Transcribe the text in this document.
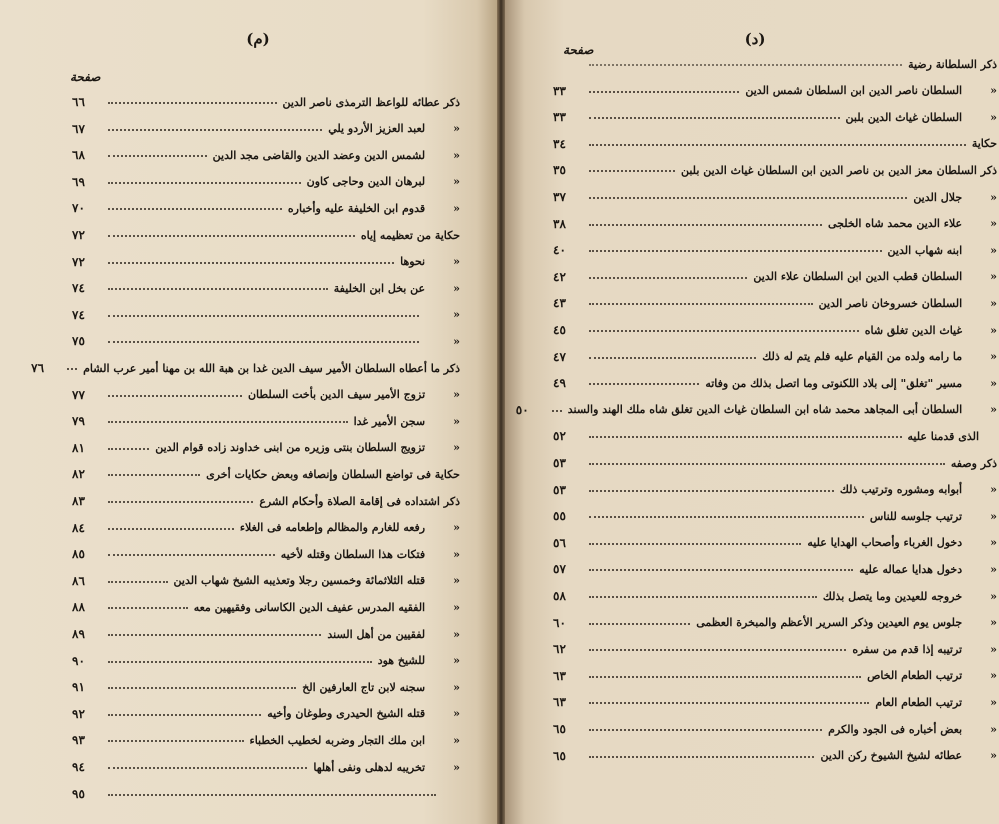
(م)
صفحة
ذكر عطائه للواعظ الترمذى ناصر الدين
٦٦
«
لعبد العزيز الأردو يلي
٦٧
«
لشمس الدين وعضد الدين والقاضى مجد الدين
٦٨
«
لبرهان الدين وحاجى كاون
٦٩
«
قدوم ابن الخليفة عليه وأخباره
٧٠
حكاية من تعظيمه إياه
٧٢
«
نحوها
٧٢
«
عن بخل ابن الخليفة
٧٤
«
٧٤
«
٧٥
ذكر ما أعطاه السلطان الأمير سيف الدين غدا بن هبة الله بن مهنا أمير عرب الشام
٧٦
«
تزوج الأمير سيف الدين بأخت السلطان
٧٧
«
سجن الأمير غدا
٧٩
«
تزويج السلطان بنتى وزيره من ابنى خداوند زاده قوام الدين
٨١
حكاية فى تواضع السلطان وإنصافه وبعض حكايات أخرى
٨٢
ذكر اشتداده فى إقامة الصلاة وأحكام الشرع
٨٣
«
رفعه للغارم والمظالم وإطعامه فى الغلاء
٨٤
«
فتكات هذا السلطان وقتله لأخيه
٨٥
«
قتله الثلاثمائة وخمسين رجلا وتعذيبه الشيخ شهاب الدين
٨٦
«
الفقيه المدرس عفيف الدين الكاسانى وفقيهين معه
٨٨
«
لفقيين من أهل السند
٨٩
«
للشيخ هود
٩٠
«
سجنه لابن تاج العارفين الخ
٩١
«
قتله الشيخ الحيدرى وطوغان وأخيه
٩٢
«
ابن ملك التجار وضربه لخطيب الخطباء
٩٣
«
تخريبه لدهلى ونفى أهلها
٩٤
٩٥
(د)
صفحة
ذكر السلطانة رضية
«
السلطان ناصر الدين ابن السلطان شمس الدين
٣٣
«
السلطان غياث الدين بلبن
٣٣
حكاية
٣٤
ذكر السلطان معز الدين بن ناصر الدين ابن السلطان غياث الدين بلبن
٣٥
«
جلال الدين
٣٧
«
علاء الدين محمد شاه الخلجى
٣٨
«
ابنه شهاب الدين
٤٠
«
السلطان قطب الدين ابن السلطان علاء الدين
٤٢
«
السلطان خسروخان ناصر الدين
٤٣
«
غياث الدين تغلق شاه
٤٥
«
ما رامه ولده من القيام عليه فلم يتم له ذلك
٤٧
«
مسير "تغلق" إلى بلاد اللكنوتى وما اتصل بذلك من وفاته
٤٩
«
السلطان أبى المجاهد محمد شاه ابن السلطان غياث الدين تغلق شاه ملك الهند والسند
٥٠
الذى قدمنا عليه
٥٢
ذكر وصفه
٥٣
«
أبوابه ومشوره وترتيب ذلك
٥٣
«
ترتيب جلوسه للناس
٥٥
«
دخول الغرباء وأصحاب الهدايا عليه
٥٦
«
دخول هدايا عماله عليه
٥٧
«
خروجه للعيدين وما يتصل بذلك
٥٨
«
جلوس يوم العيدين وذكر السرير الأعظم والمبخرة العظمى
٦٠
«
ترتيبه إذا قدم من سفره
٦٢
«
ترتيب الطعام الخاص
٦٣
«
ترتيب الطعام العام
٦٣
«
بعض أخباره فى الجود والكرم
٦٥
«
عطائه لشيخ الشيوخ ركن الدين
٦٥
